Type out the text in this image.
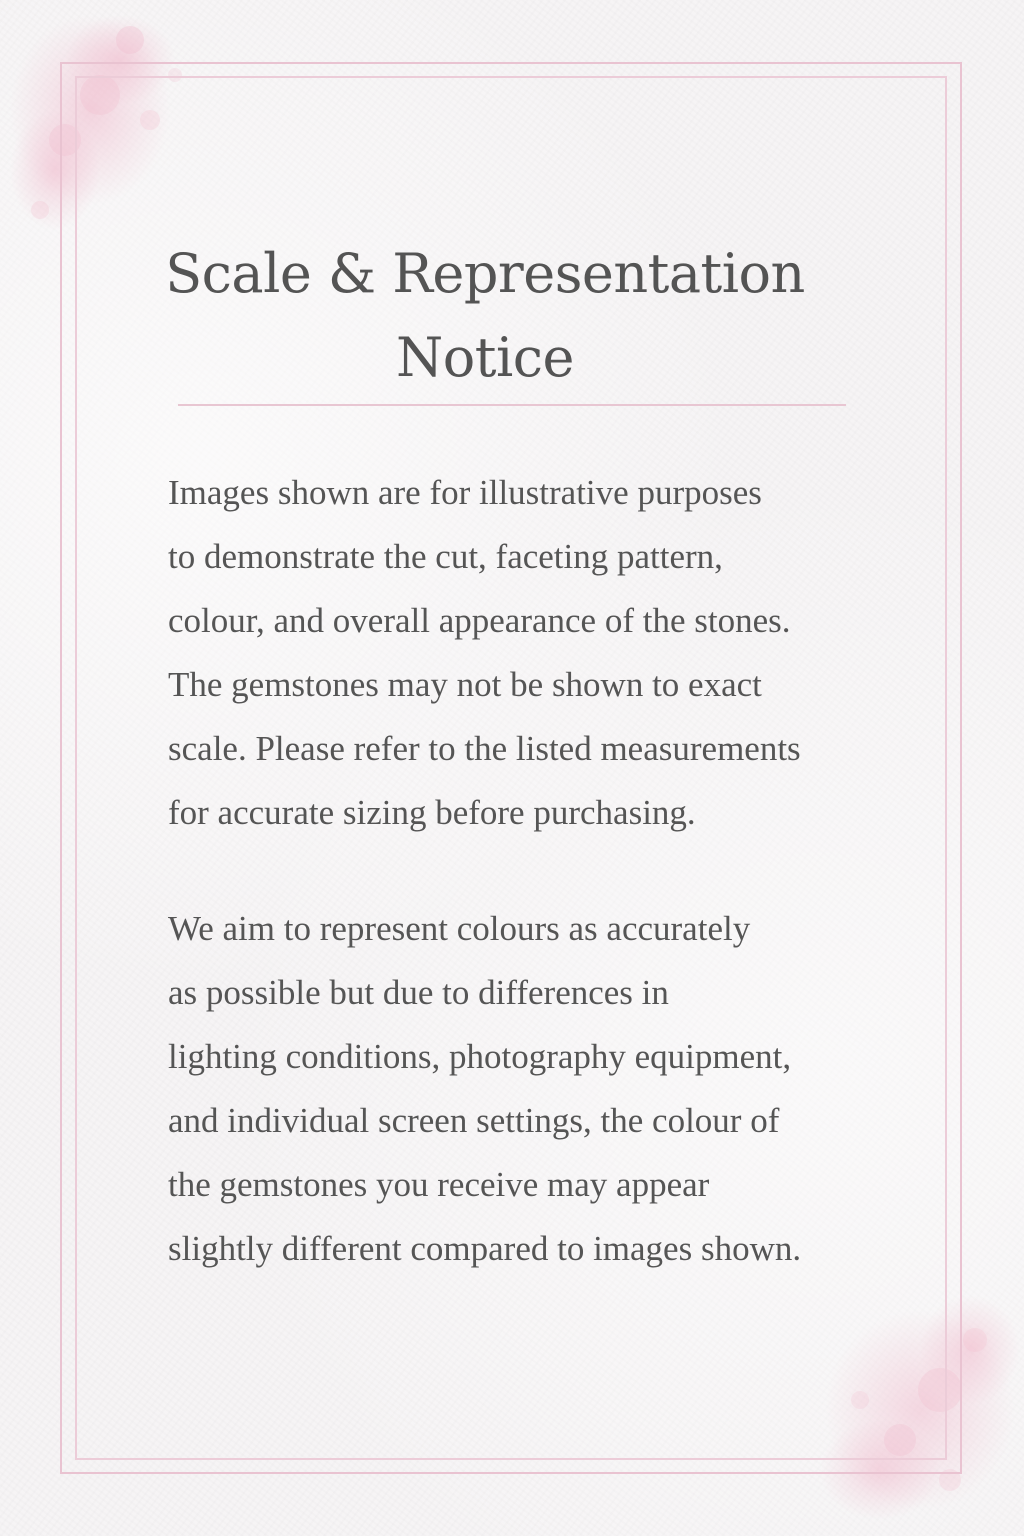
Scale & Representation
Notice

Images shown are for illustrative purposes
to demonstrate the cut, faceting pattern,
colour, and overall appearance of the stones.
The gemstones may not be shown to exact
scale. Please refer to the listed measurements
for accurate sizing before purchasing.

We aim to represent colours as accurately
as possible but due to differences in
lighting conditions, photography equipment,
and individual screen settings, the colour of
the gemstones you receive may appear
slightly different compared to images shown.
